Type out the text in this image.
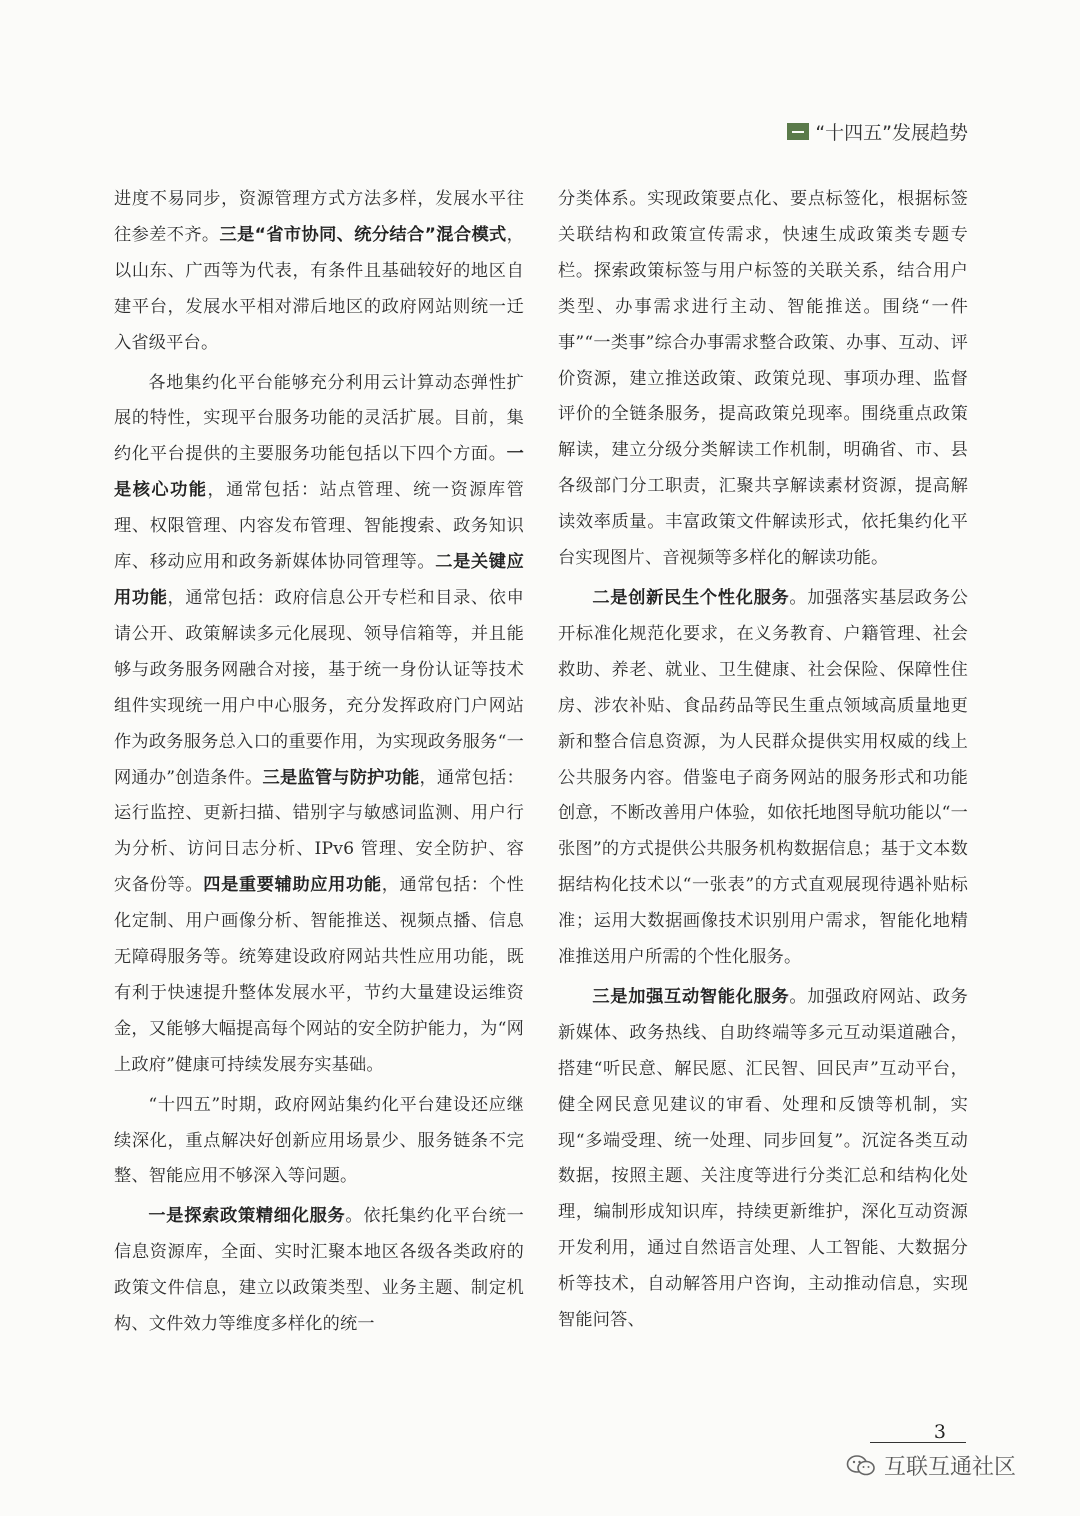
“十四五”发展趋势

进度不易同步，资源管理方式方法多样，发展水平往往参差不齐。三是“省市协同、统分结合”混合模式，以山东、广西等为代表，有条件且基础较好的地区自建平台，发展水平相对滞后地区的政府网站则统一迁入省级平台。

各地集约化平台能够充分利用云计算动态弹性扩展的特性，实现平台服务功能的灵活扩展。目前，集约化平台提供的主要服务功能包括以下四个方面。一是核心功能，通常包括：站点管理、统一资源库管理、权限管理、内容发布管理、智能搜索、政务知识库、移动应用和政务新媒体协同管理等。二是关键应用功能，通常包括：政府信息公开专栏和目录、依申请公开、政策解读多元化展现、领导信箱等，并且能够与政务服务网融合对接，基于统一身份认证等技术组件实现统一用户中心服务，充分发挥政府门户网站作为政务服务总入口的重要作用，为实现政务服务“一网通办”创造条件。三是监管与防护功能，通常包括：运行监控、更新扫描、错别字与敏感词监测、用户行为分析、访问日志分析、IPv6 管理、安全防护、容灾备份等。四是重要辅助应用功能，通常包括：个性化定制、用户画像分析、智能推送、视频点播、信息无障碍服务等。统筹建设政府网站共性应用功能，既有利于快速提升整体发展水平，节约大量建设运维资金，又能够大幅提高每个网站的安全防护能力，为“网上政府”健康可持续发展夯实基础。

“十四五”时期，政府网站集约化平台建设还应继续深化，重点解决好创新应用场景少、服务链条不完整、智能应用不够深入等问题。

一是探索政策精细化服务。依托集约化平台统一信息资源库，全面、实时汇聚本地区各级各类政府的政策文件信息，建立以政策类型、业务主题、制定机构、文件效力等维度多样化的统一

分类体系。实现政策要点化、要点标签化，根据标签关联结构和政策宣传需求，快速生成政策类专题专栏。探索政策标签与用户标签的关联关系，结合用户类型、办事需求进行主动、智能推送。围绕“一件事”“一类事”综合办事需求整合政策、办事、互动、评价资源，建立推送政策、政策兑现、事项办理、监督评价的全链条服务，提高政策兑现率。围绕重点政策解读，建立分级分类解读工作机制，明确省、市、县各级部门分工职责，汇聚共享解读素材资源，提高解读效率质量。丰富政策文件解读形式，依托集约化平台实现图片、音视频等多样化的解读功能。

二是创新民生个性化服务。加强落实基层政务公开标准化规范化要求，在义务教育、户籍管理、社会救助、养老、就业、卫生健康、社会保险、保障性住房、涉农补贴、食品药品等民生重点领域高质量地更新和整合信息资源，为人民群众提供实用权威的线上公共服务内容。借鉴电子商务网站的服务形式和功能创意，不断改善用户体验，如依托地图导航功能以“一张图”的方式提供公共服务机构数据信息；基于文本数据结构化技术以“一张表”的方式直观展现待遇补贴标准；运用大数据画像技术识别用户需求，智能化地精准推送用户所需的个性化服务。

三是加强互动智能化服务。加强政府网站、政务新媒体、政务热线、自助终端等多元互动渠道融合，搭建“听民意、解民愿、汇民智、回民声”互动平台，健全网民意见建议的审看、处理和反馈等机制，实现“多端受理、统一处理、同步回复”。沉淀各类互动数据，按照主题、关注度等进行分类汇总和结构化处理，编制形成知识库，持续更新维护，深化互动资源开发利用，通过自然语言处理、人工智能、大数据分析等技术，自动解答用户咨询，主动推动信息，实现智能问答、

3
互联互通社区
